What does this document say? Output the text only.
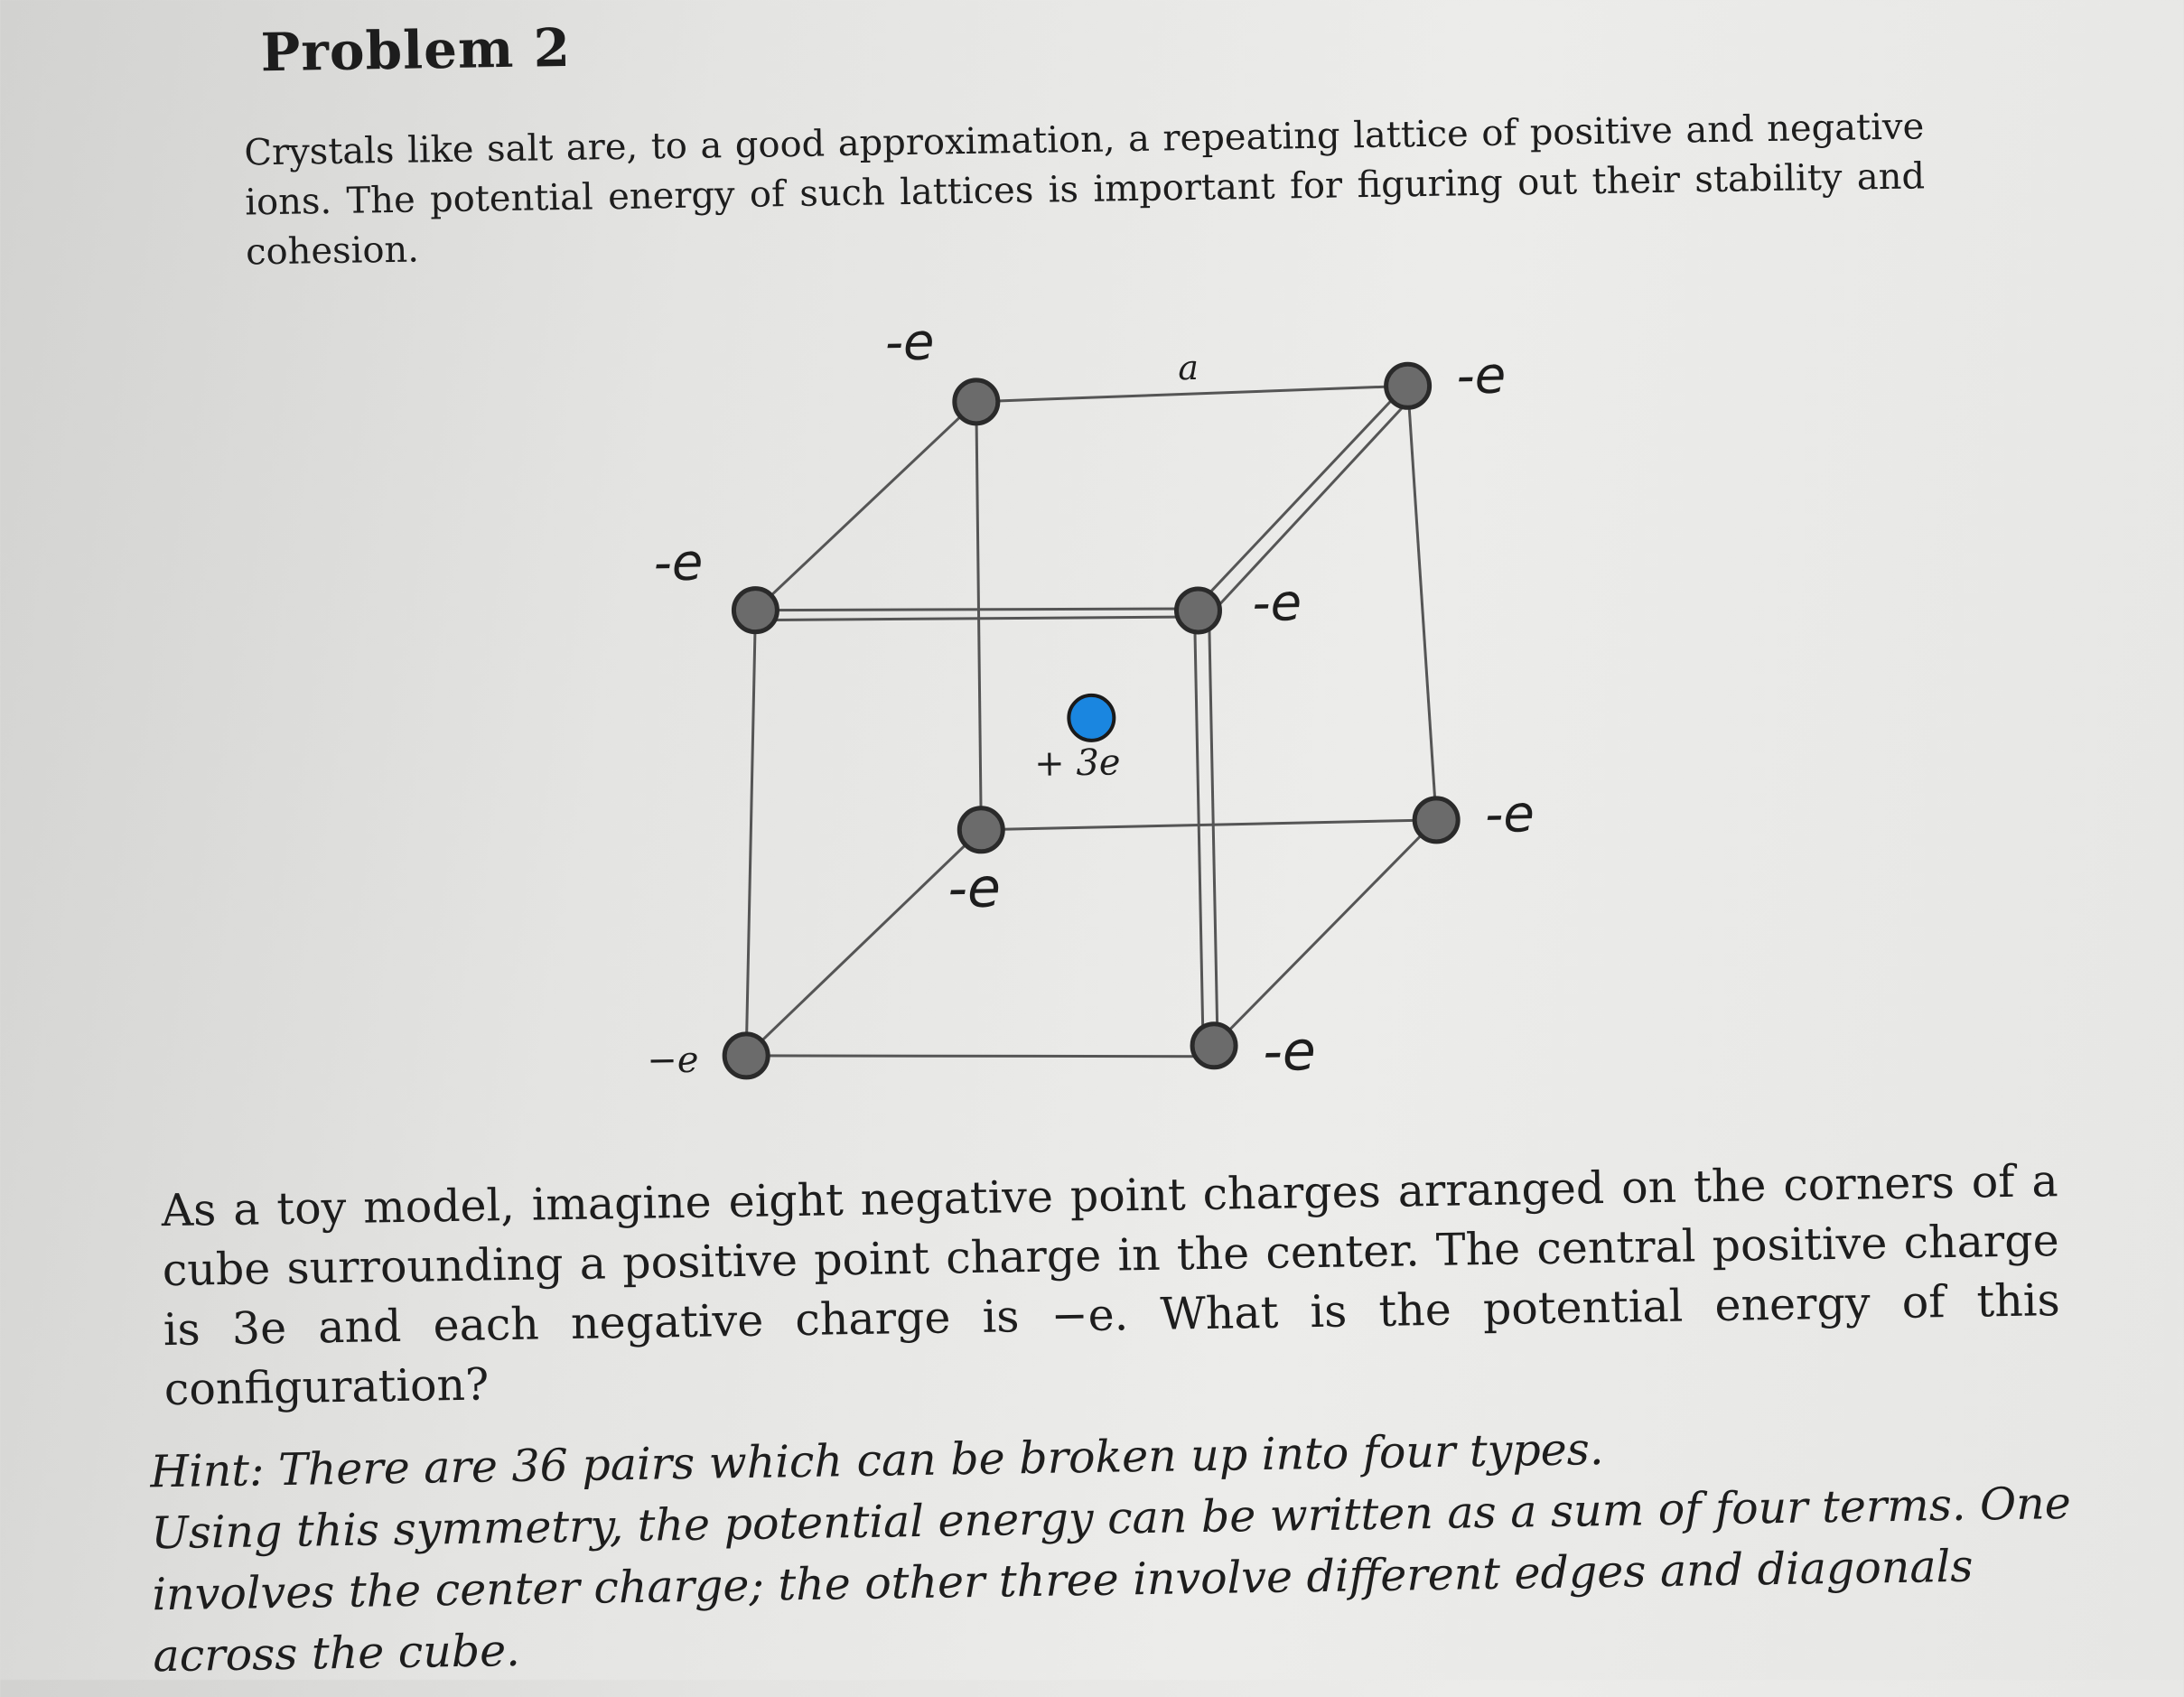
Problem 2
Crystals like salt are, to a good approximation, a repeating lattice of positive and negative ions. The potential energy of such lattices is important for figuring out their stability and cohesion.
+ 3e
a
-e
-e
-e
-e
-e
-e
−e	-e
As a toy model, imagine eight negative point charges arranged on the corners of a cube surrounding a positive point charge in the center. The central positive charge is 3e and each negative charge is −e. What is the potential energy of this configuration?

Hint: There are 36 pairs which can be broken up into four types.

Using this symmetry, the potential energy can be written as a sum of four terms. One involves the center charge; the other three involve different edges and diagonals across the cube.
